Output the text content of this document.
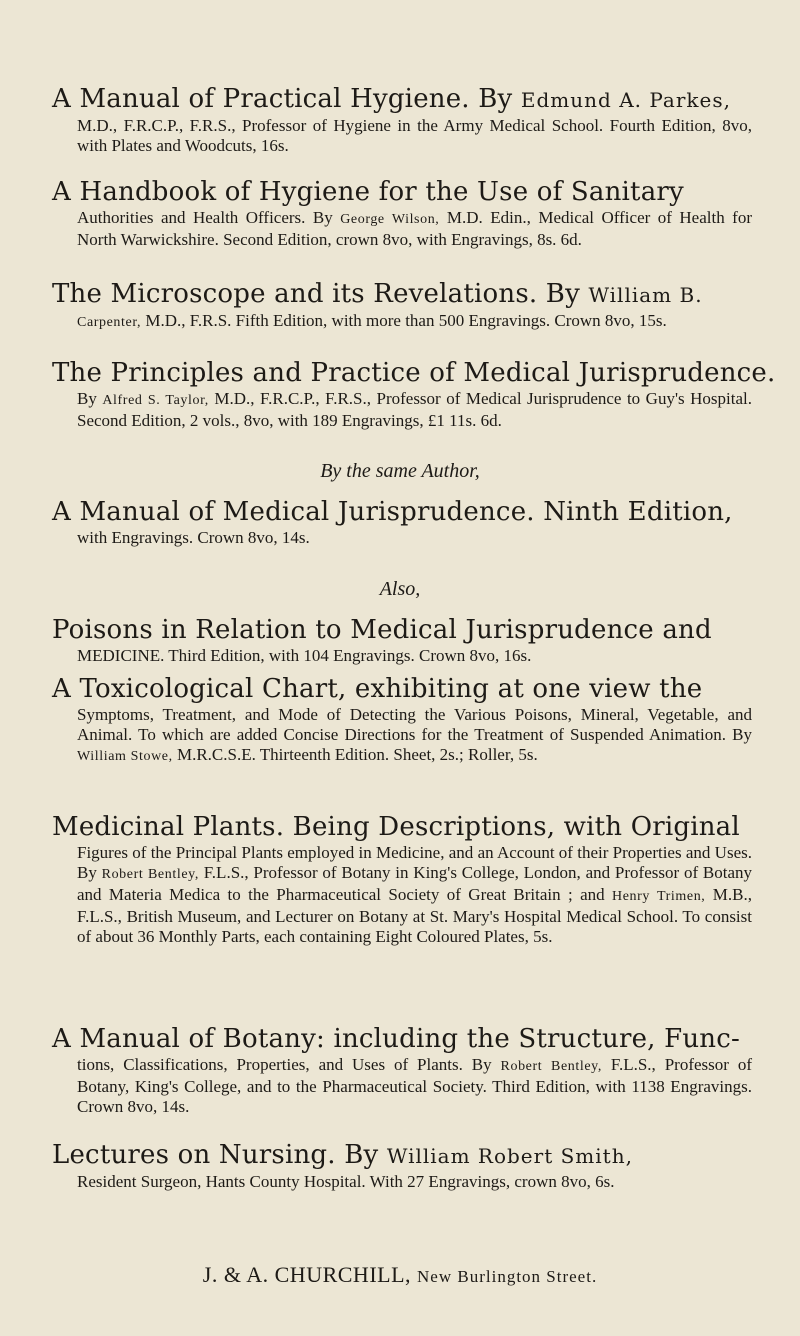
A Manual of Practical Hygiene. By Edmund A. Parkes,
M.D., F.R.C.P., F.R.S., Professor of Hygiene in the Army Medical School. Fourth Edition, 8vo, with Plates and Woodcuts, 16s.
A Handbook of Hygiene for the Use of Sanitary
Authorities and Health Officers. By George Wilson, M.D. Edin., Medical Officer of Health for North Warwickshire. Second Edition, crown 8vo, with Engravings, 8s. 6d.
The Microscope and its Revelations. By William B.
Carpenter, M.D., F.R.S. Fifth Edition, with more than 500 Engravings. Crown 8vo, 15s.
The Principles and Practice of Medical Jurisprudence.
By Alfred S. Taylor, M.D., F.R.C.P., F.R.S., Professor of Medical Jurisprudence to Guy's Hospital. Second Edition, 2 vols., 8vo, with 189 Engravings, £1 11s. 6d.
By the same Author,
A Manual of Medical Jurisprudence. Ninth Edition,
with Engravings. Crown 8vo, 14s.
Also,
Poisons in Relation to Medical Jurisprudence and
MEDICINE. Third Edition, with 104 Engravings. Crown 8vo, 16s.
A Toxicological Chart, exhibiting at one view the
Symptoms, Treatment, and Mode of Detecting the Various Poisons, Mineral, Vegetable, and Animal. To which are added Concise Directions for the Treatment of Suspended Animation. By William Stowe, M.R.C.S.E. Thirteenth Edition. Sheet, 2s.; Roller, 5s.
Medicinal Plants. Being Descriptions, with Original
Figures of the Principal Plants employed in Medicine, and an Account of their Properties and Uses. By Robert Bentley, F.L.S., Professor of Botany in King's College, London, and Professor of Botany and Materia Medica to the Pharmaceutical Society of Great Britain ; and Henry Trimen, M.B., F.L.S., British Museum, and Lecturer on Botany at St. Mary's Hospital Medical School. To consist of about 36 Monthly Parts, each containing Eight Coloured Plates, 5s.
A Manual of Botany: including the Structure, Func-
tions, Classifications, Properties, and Uses of Plants. By Robert Bentley, F.L.S., Professor of Botany, King's College, and to the Pharmaceutical Society. Third Edition, with 1138 Engravings. Crown 8vo, 14s.
Lectures on Nursing. By William Robert Smith,
Resident Surgeon, Hants County Hospital. With 27 Engravings, crown 8vo, 6s.
J. & A. CHURCHILL, New Burlington Street.
